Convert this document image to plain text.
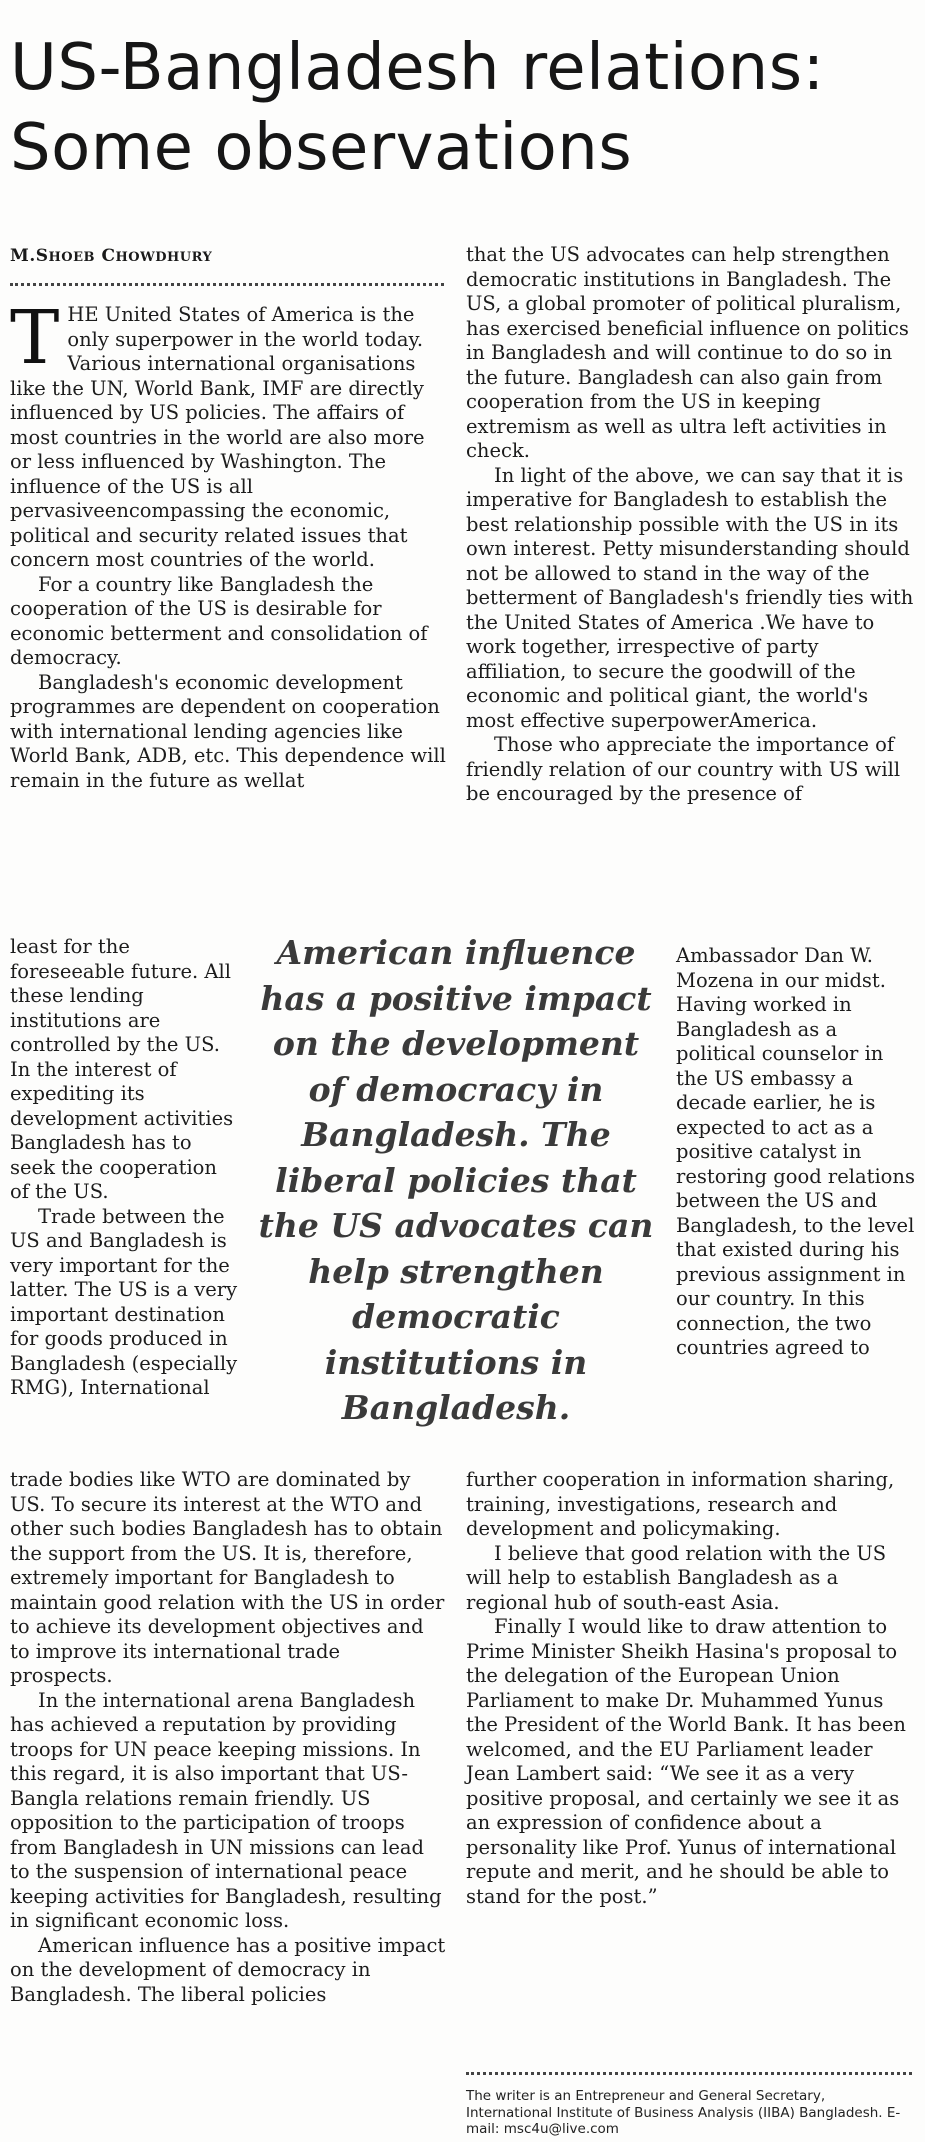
US-Bangladesh relations:
Some observations
M.SHOEB CHOWDHURY

THE United States of America is the only superpower in the world today. Various international organisations like the UN, World Bank, IMF are directly influenced by US policies. The affairs of most countries in the world are also more or less influenced by Washington. The influence of the US is all pervasiveencompassing the economic, political and security related issues that concern most countries of the world.

For a country like Bangladesh the cooperation of the US is desirable for economic betterment and consolidation of democracy.

Bangladesh's economic development programmes are dependent on cooperation with international lending agencies like World Bank, ADB, etc. This dependence will remain in the future as wellat

least for the foreseeable future. All these lending institutions are controlled by the US. In the interest of expediting its development activities Bangladesh has to seek the cooperation of the US.

Trade between the US and Bangladesh is very important for the latter. The US is a very important destination for goods produced in Bangladesh (especially RMG), International

American influence has a positive impact on the development of democracy in Bangladesh. The liberal policies that the US advocates can help strengthen democratic institutions in Bangladesh.

trade bodies like WTO are dominated by US. To secure its interest at the WTO and other such bodies Bangladesh has to obtain the support from the US. It is, therefore, extremely important for Bangladesh to maintain good relation with the US in order to achieve its development objectives and to improve its international trade prospects.

In the international arena Bangladesh has achieved a reputation by providing troops for UN peace keeping missions. In this regard, it is also important that US-Bangla relations remain friendly. US opposition to the participation of troops from Bangladesh in UN missions can lead to the suspension of international peace keeping activities for Bangladesh, resulting in significant economic loss.

American influence has a positive impact on the development of democracy in Bangladesh. The liberal policies

that the US advocates can help strengthen democratic institutions in Bangladesh. The US, a global promoter of political pluralism, has exercised beneficial influence on politics in Bangladesh and will continue to do so in the future. Bangladesh can also gain from cooperation from the US in keeping extremism as well as ultra left activities in check.

In light of the above, we can say that it is imperative for Bangladesh to establish the best relationship possible with the US in its own interest. Petty misunderstanding should not be allowed to stand in the way of the betterment of Bangladesh's friendly ties with the United States of America .We have to work together, irrespective of party affiliation, to secure the goodwill of the economic and political giant, the world's most effective superpowerAmerica.

Those who appreciate the importance of friendly relation of our country with US will be encouraged by the presence of

Ambassador Dan W. Mozena in our midst. Having worked in Bangladesh as a political counselor in the US embassy a decade earlier, he is expected to act as a positive catalyst in restoring good relations between the US and Bangladesh, to the level that existed during his previous assignment in our country. In this connection, the two countries agreed to

further cooperation in information sharing, training, investigations, research and development and policymaking.

I believe that good relation with the US will help to establish Bangladesh as a regional hub of south-east Asia.

Finally I would like to draw attention to Prime Minister Sheikh Hasina's proposal to the delegation of the European Union Parliament to make Dr. Muhammed Yunus the President of the World Bank. It has been welcomed, and the EU Parliament leader Jean Lambert said: “We see it as a very positive proposal, and certainly we see it as an expression of confidence about a personality like Prof. Yunus of international repute and merit, and he should be able to stand for the post.”

The writer is an Entrepreneur and General Secretary, International Institute of Business Analysis (IIBA) Bangladesh. E-mail: msc4u@live.com
